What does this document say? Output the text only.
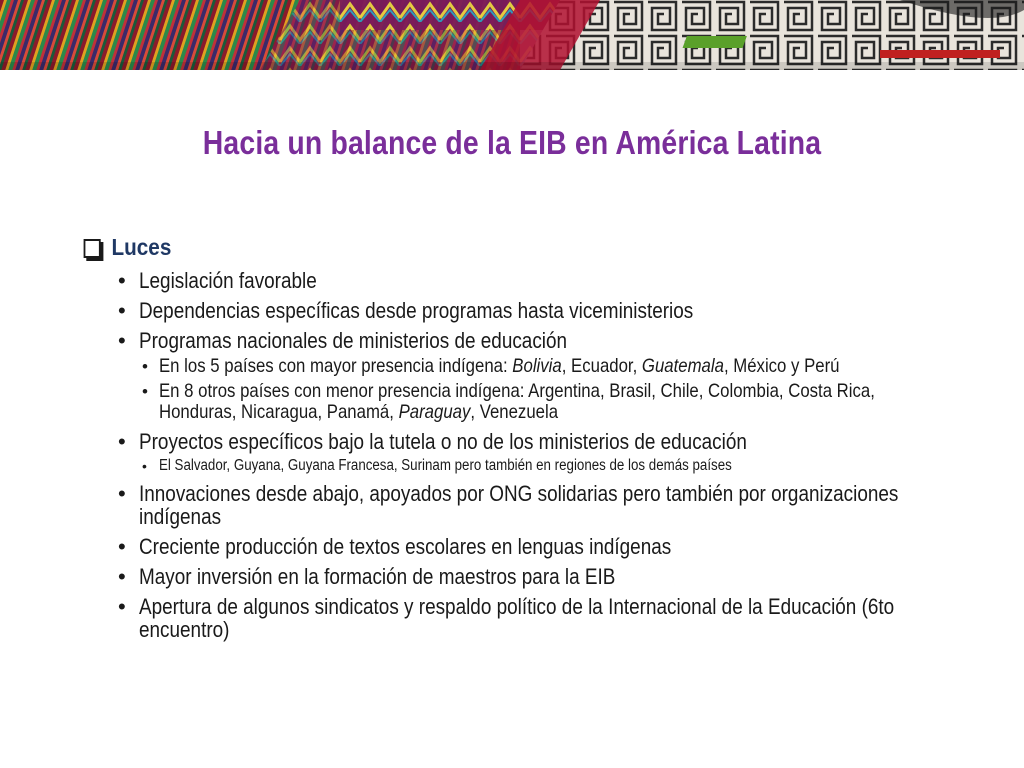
Hacia un balance de la EIB en América Latina
Luces
• Legislación favorable
• Dependencias específicas desde programas hasta viceministerios
• Programas nacionales de ministerios de educación
• En los 5 países con mayor presencia indígena: Bolivia, Ecuador, Guatemala, México y Perú
• En 8 otros países con menor presencia indígena: Argentina, Brasil, Chile, Colombia, Costa Rica, Honduras, Nicaragua, Panamá, Paraguay, Venezuela
• Proyectos específicos bajo la tutela o no de los ministerios de educación
• El Salvador, Guyana, Guyana Francesa, Surinam pero también en regiones de los demás países
• Innovaciones desde abajo, apoyados por ONG solidarias pero también por organizaciones indígenas
• Creciente producción de textos escolares en lenguas indígenas
• Mayor inversión en la formación de maestros para la EIB
• Apertura de algunos sindicatos y respaldo político de la Internacional de la Educación (6to encuentro)
